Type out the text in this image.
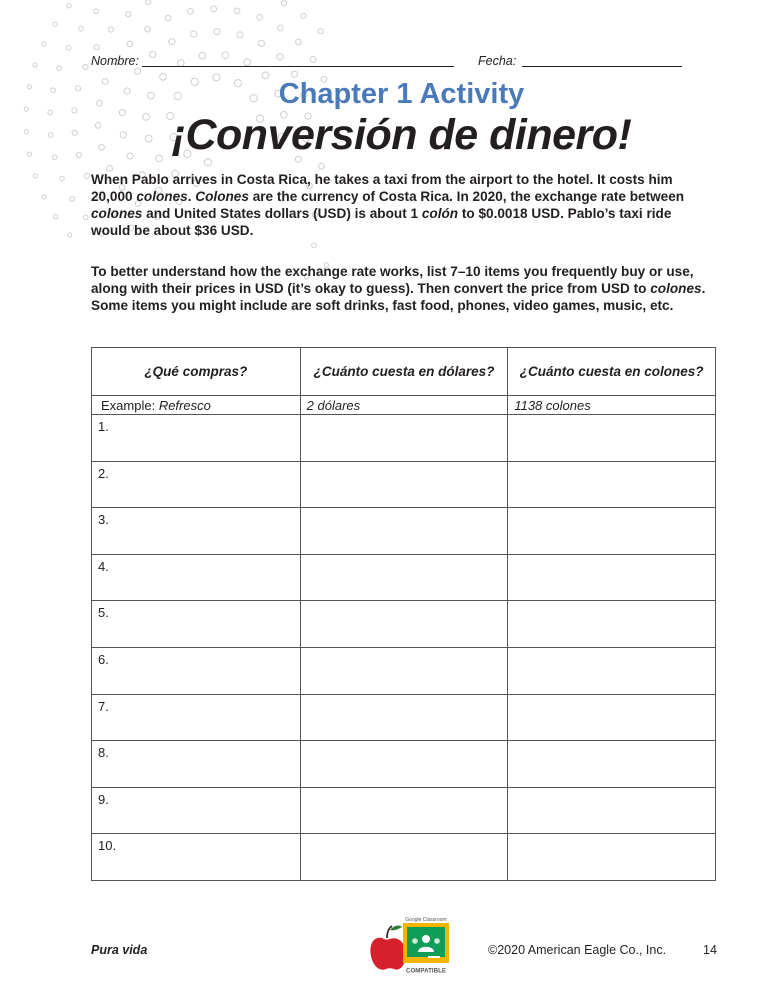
Nombre:	Fecha:
Chapter 1 Activity
¡Conversión de dinero!

When Pablo arrives in Costa Rica, he takes a taxi from the airport to the hotel. It costs him 20,000 colones. Colones are the currency of Costa Rica. In 2020, the exchange rate between colones and United States dollars (USD) is about 1 colón to $0.0018 USD. Pablo’s taxi ride would be about $36 USD.

To better understand how the exchange rate works, list 7–10 items you frequently buy or use, along with their prices in USD (it’s okay to guess). Then convert the price from USD to colones. Some items you might include are soft drinks, fast food, phones, video games, music, etc.

¿Qué compras?	¿Cuánto cuesta en dólares?	¿Cuánto cuesta en colones?
Example: Refresco	2 dólares	1138 colones
1.		
2.		
3.		
4.		
5.		
6.		
7.		
8.		
9.		
10.		
Pura vida
Google Classroom
COMPATIBLE
©2020 American Eagle Co., Inc.	14
